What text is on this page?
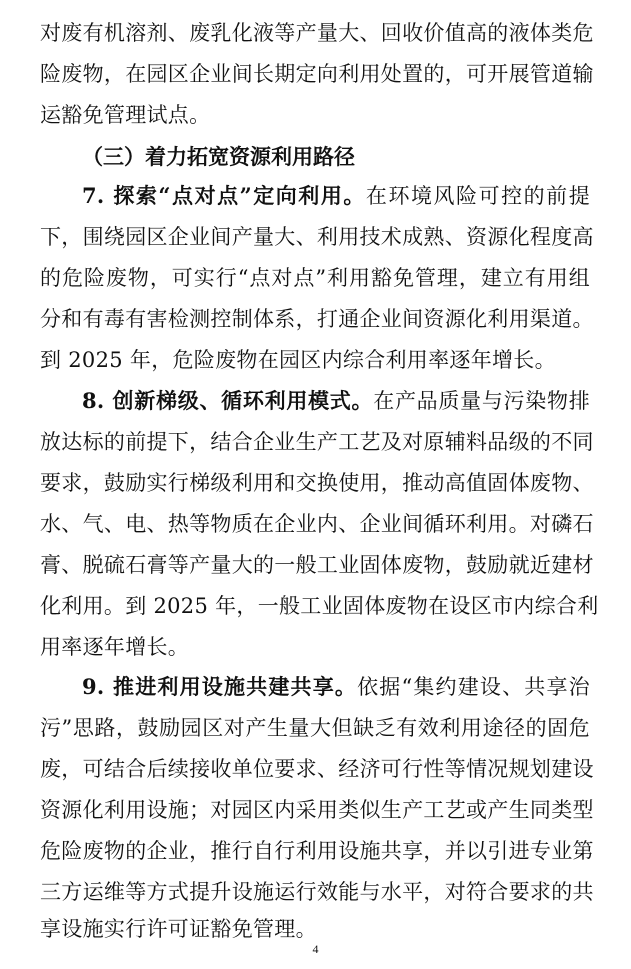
对废有机溶剂、废乳化液等产量大、回收价值高的液体类危
险废物，在园区企业间长期定向利用处置的，可开展管道输
运豁免管理试点。
（三）着力拓宽资源利用路径
7. 探索“点对点”定向利用。在环境风险可控的前提
下，围绕园区企业间产量大、利用技术成熟、资源化程度高
的危险废物，可实行“点对点”利用豁免管理，建立有用组
分和有毒有害检测控制体系，打通企业间资源化利用渠道。
到 2025 年，危险废物在园区内综合利用率逐年增长。
8. 创新梯级、循环利用模式。在产品质量与污染物排
放达标的前提下，结合企业生产工艺及对原辅料品级的不同
要求，鼓励实行梯级利用和交换使用，推动高值固体废物、
水、气、电、热等物质在企业内、企业间循环利用。对磷石
膏、脱硫石膏等产量大的一般工业固体废物，鼓励就近建材
化利用。到 2025 年，一般工业固体废物在设区市内综合利
用率逐年增长。
9. 推进利用设施共建共享。依据“集约建设、共享治
污”思路，鼓励园区对产生量大但缺乏有效利用途径的固危
废，可结合后续接收单位要求、经济可行性等情况规划建设
资源化利用设施；对园区内采用类似生产工艺或产生同类型
危险废物的企业，推行自行利用设施共享，并以引进专业第
三方运维等方式提升设施运行效能与水平，对符合要求的共
享设施实行许可证豁免管理。
4
